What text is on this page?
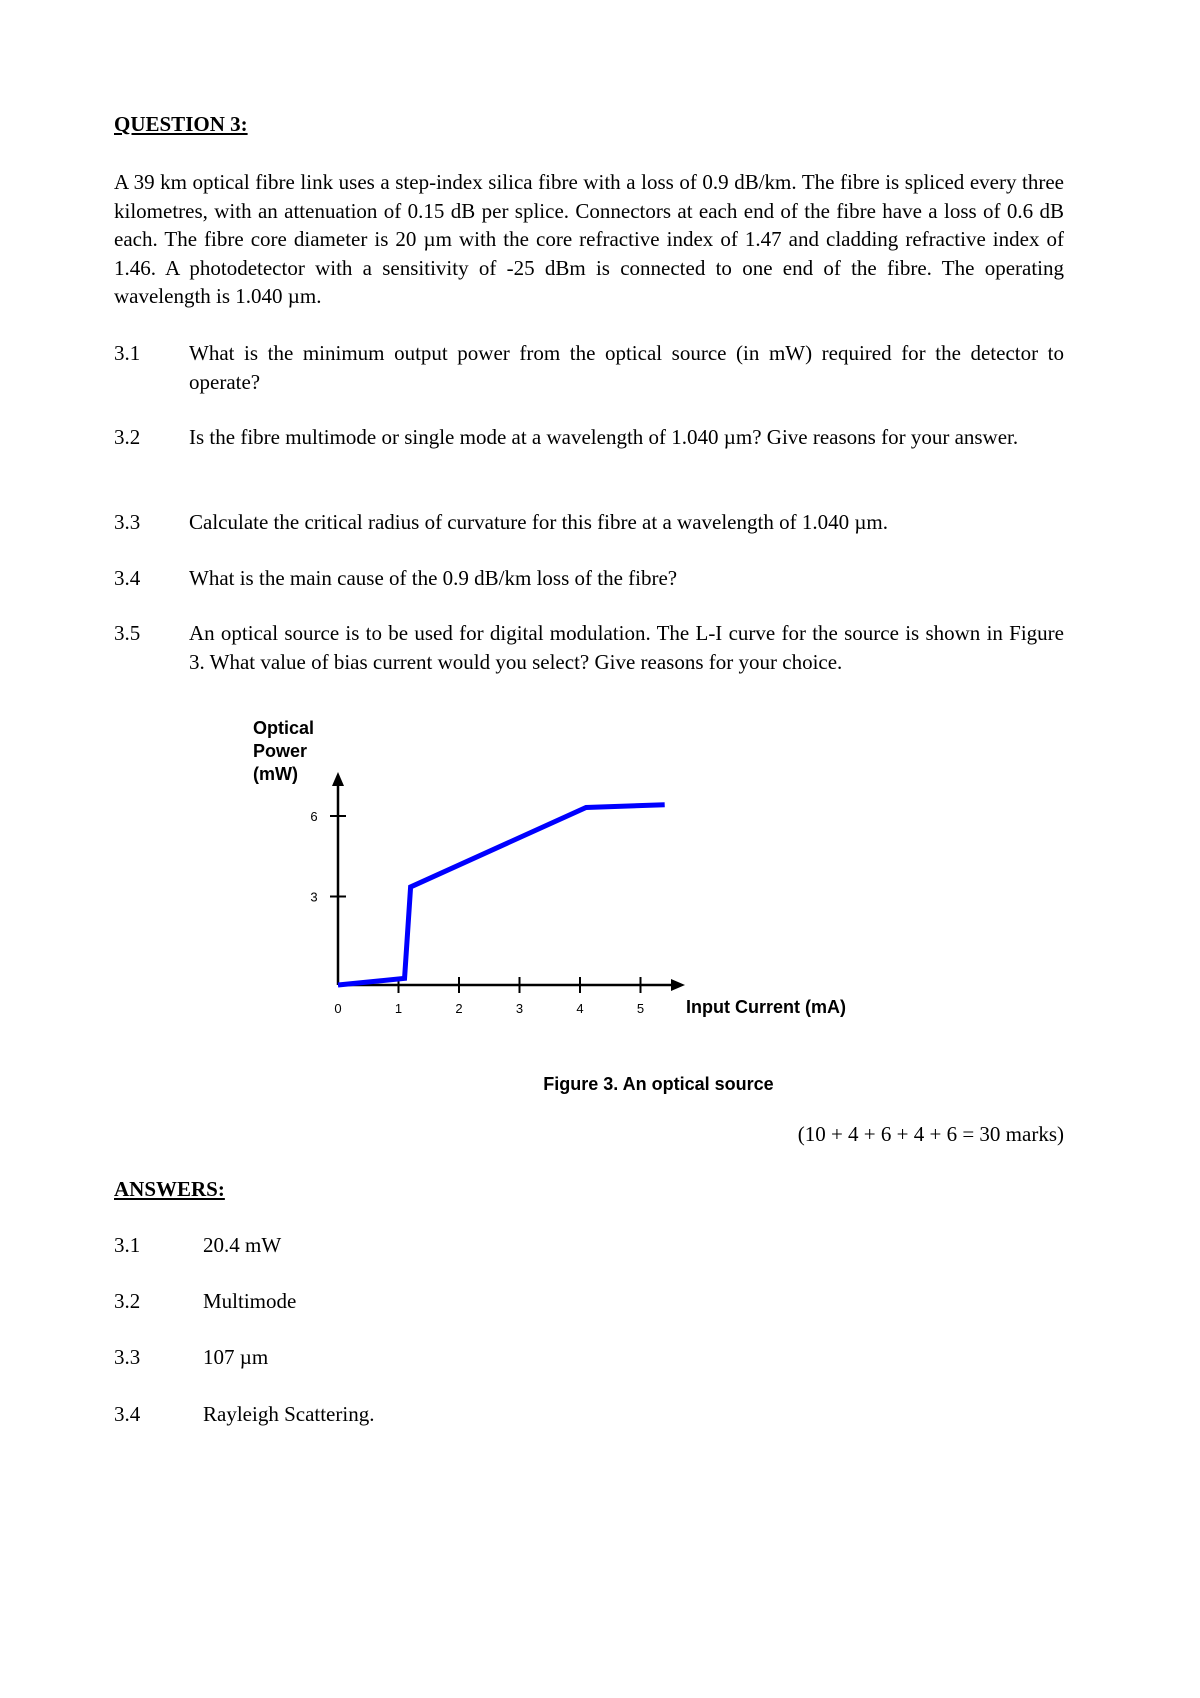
QUESTION 3:

A 39 km optical fibre link uses a step-index silica fibre with a loss of 0.9 dB/km. The fibre is spliced every three kilometres, with an attenuation of 0.15 dB per splice. Connectors at each end of the fibre have a loss of 0.6 dB each. The fibre core diameter is 20 µm with the core refractive index of 1.47 and cladding refractive index of 1.46. A photodetector with a sensitivity of -25 dBm is connected to one end of the fibre. The operating wavelength is 1.040 µm.

3.1 What is the minimum output power from the optical source (in mW) required for the detector to operate?
3.2 Is the fibre multimode or single mode at a wavelength of 1.040 µm? Give reasons for your answer.
3.3 Calculate the critical radius of curvature for this fibre at a wavelength of 1.040 µm.
3.4 What is the main cause of the 0.9 dB/km loss of the fibre?
3.5 An optical source is to be used for digital modulation. The L-I curve for the source is shown in Figure 3. What value of bias current would you select? Give reasons for your choice.
Optical
Power
(mW)
0	1	2	3	4	5
3
6
Input Current (mA)
Figure 3. An optical source
(10 + 4 + 6 + 4 + 6 = 30 marks)
ANSWERS:
3.1	20.4 mW
3.2	Multimode
3.3	107 µm
3.4	Rayleigh Scattering.
